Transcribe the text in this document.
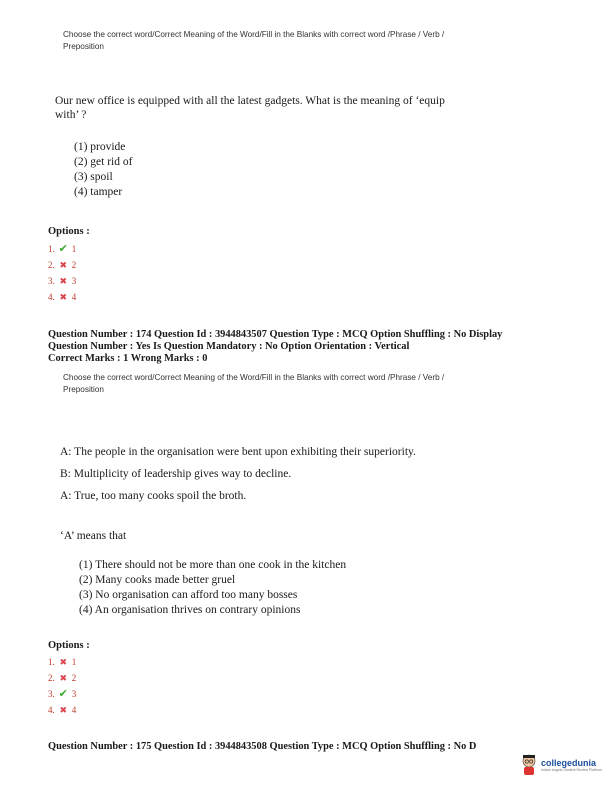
Choose the correct word/Correct Meaning of the Word/Fill in the Blanks with correct word /Phrase / Verb /
Preposition
Our new office is equipped with all the latest gadgets. What is the meaning of ‘equip
with’ ?
(1) provide
(2) get rid of
(3) spoil
(4) tamper
Options :
1. ✔ 1
2. ✖ 2
3. ✖ 3
4. ✖ 4
Question Number : 174 Question Id : 3944843507 Question Type : MCQ Option Shuffling : No Display
Question Number : Yes Is Question Mandatory : No Option Orientation : Vertical
Correct Marks : 1 Wrong Marks : 0
Choose the correct word/Correct Meaning of the Word/Fill in the Blanks with correct word /Phrase / Verb /
Preposition
A: The people in the organisation were bent upon exhibiting their superiority.
B: Multiplicity of leadership gives way to decline.
A: True, too many cooks spoil the broth.
‘A’ means that
(1) There should not be more than one cook in the kitchen
(2) Many cooks made better gruel
(3) No organisation can afford too many bosses
(4) An organisation thrives on contrary opinions
Options :
1. ✖ 1
2. ✖ 2
3. ✔ 3
4. ✖ 4
Question Number : 175 Question Id : 3944843508 Question Type : MCQ Option Shuffling : No D
collegedunia
India's largest Student Review Platform
